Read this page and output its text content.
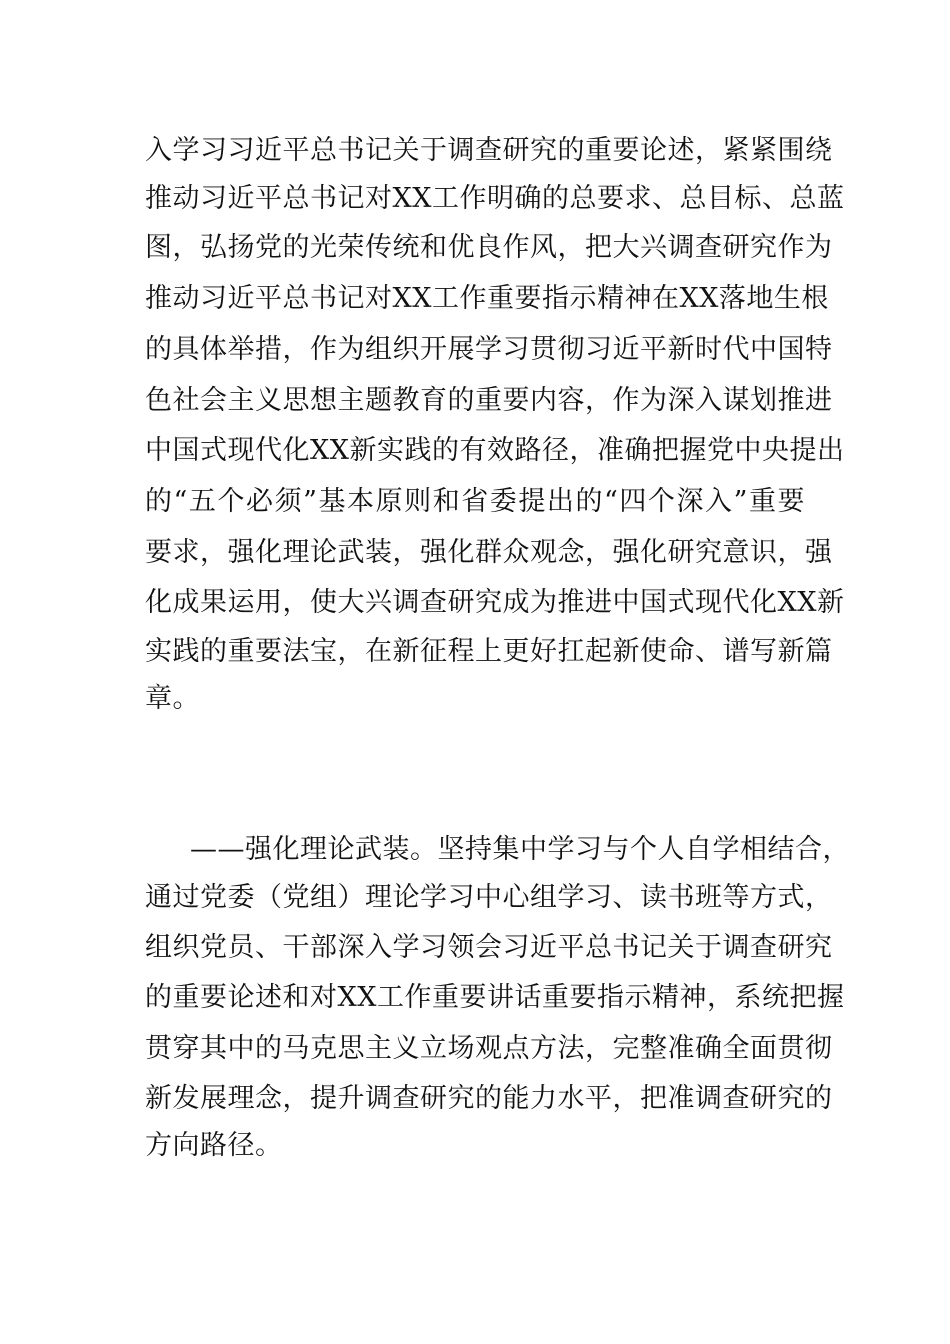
入学习习近平总书记关于调查研究的重要论述，紧紧围绕
推动习近平总书记对XX工作明确的总要求、总目标、总蓝
图，弘扬党的光荣传统和优良作风，把大兴调查研究作为
推动习近平总书记对XX工作重要指示精神在XX落地生根
的具体举措，作为组织开展学习贯彻习近平新时代中国特
色社会主义思想主题教育的重要内容，作为深入谋划推进
中国式现代化XX新实践的有效路径，准确把握党中央提出
的“五个必须”基本原则和省委提出的“四个深入”重要
要求，强化理论武装，强化群众观念，强化研究意识，强
化成果运用，使大兴调查研究成为推进中国式现代化XX新
实践的重要法宝，在新征程上更好扛起新使命、谱写新篇
章。
——强化理论武装。坚持集中学习与个人自学相结合，
通过党委（党组）理论学习中心组学习、读书班等方式，
组织党员、干部深入学习领会习近平总书记关于调查研究
的重要论述和对XX工作重要讲话重要指示精神，系统把握
贯穿其中的马克思主义立场观点方法，完整准确全面贯彻
新发展理念，提升调查研究的能力水平，把准调查研究的
方向路径。
